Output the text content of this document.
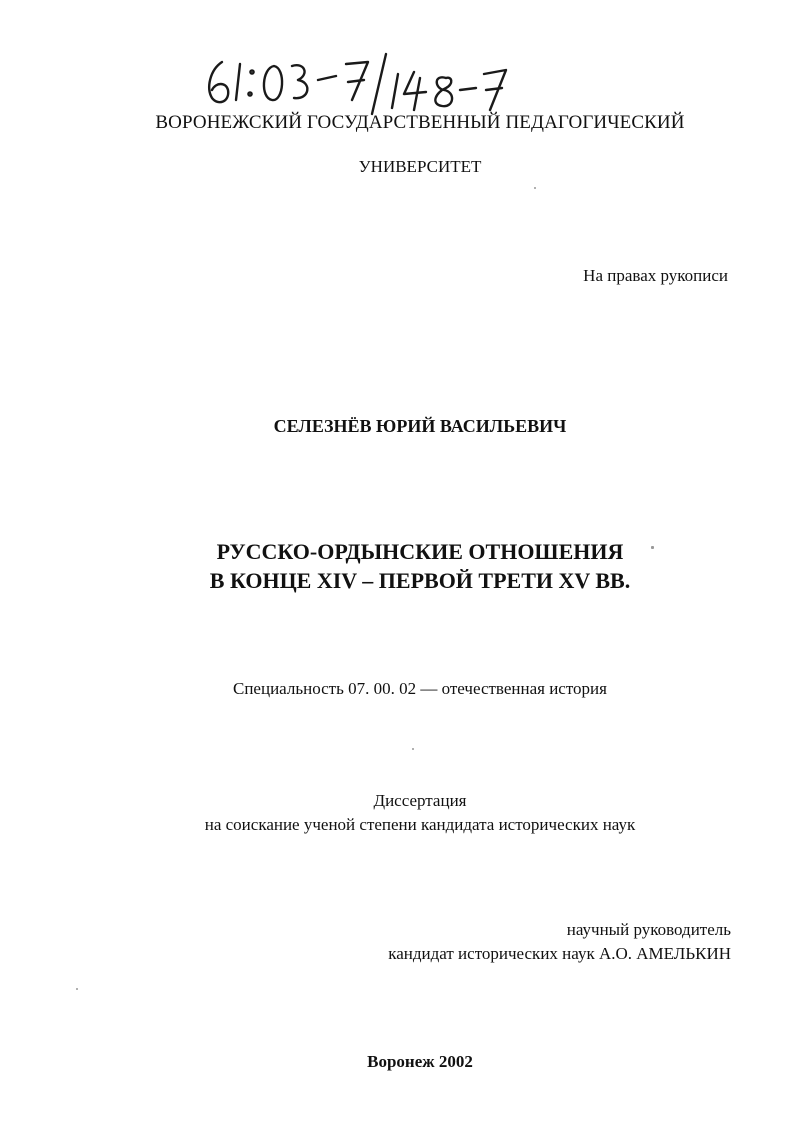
ВОРОНЕЖСКИЙ ГОСУДАРСТВЕННЫЙ ПЕДАГОГИЧЕСКИЙ
УНИВЕРСИТЕТ
На правах рукописи
СЕЛЕЗНЁВ ЮРИЙ ВАСИЛЬЕВИЧ
РУССКО-ОРДЫНСКИЕ ОТНОШЕНИЯ
В КОНЦЕ XIV – ПЕРВОЙ ТРЕТИ XV ВВ.
Специальность 07. 00. 02 — отечественная история
Диссертация
на соискание ученой степени кандидата исторических наук
научный руководитель
кандидат исторических наук А.О. АМЕЛЬКИН
Воронеж 2002
